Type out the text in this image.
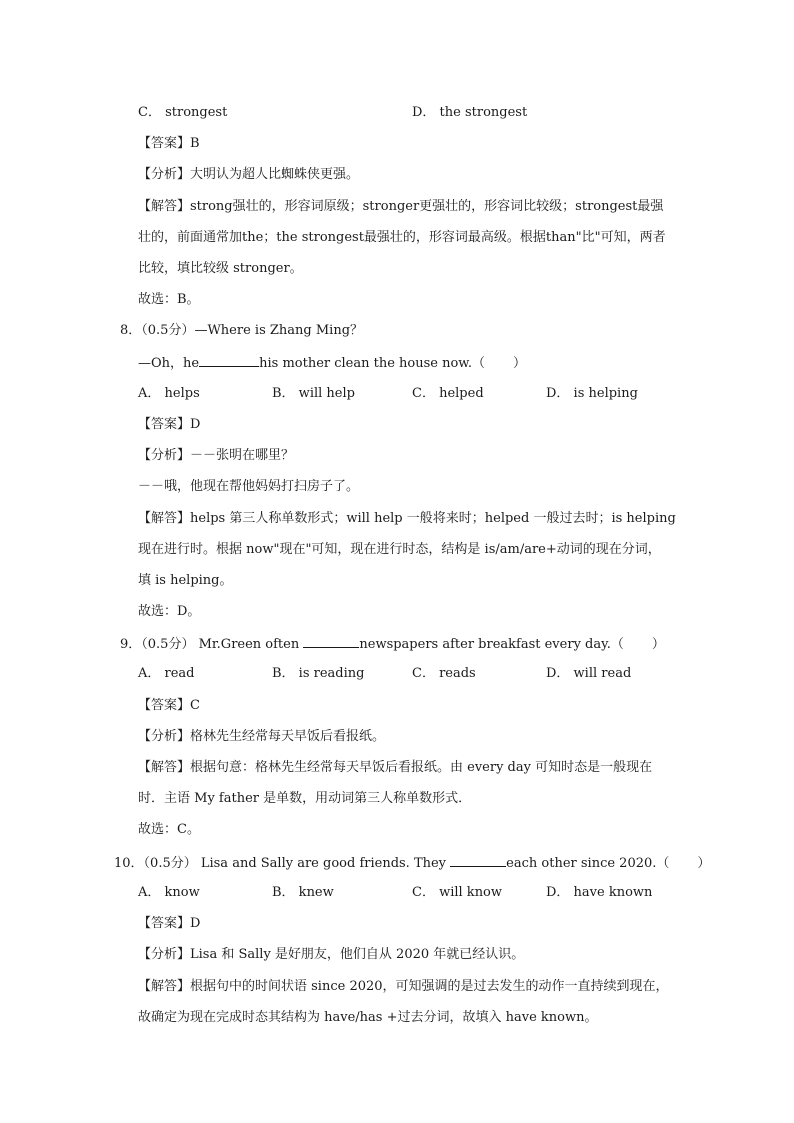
C． strongest	D． the strongest
【答案】B
【分析】大明认为超人比蜘蛛侠更强。
【解答】strong强壮的，形容词原级；stronger更强壮的，形容词比较级；strongest最强
壮的，前面通常加the；the strongest最强壮的，形容词最高级。根据than"比"可知，两者
比较，填比较级 stronger。
故选：B。
8．（0.5分）—Where is Zhang Ming？
—Oh，he	his mother clean the house now.（ ）
A． helps	B． will help	C． helped	D． is helping
【答案】D
【分析】－－张明在哪里？
－－哦，他现在帮他妈妈打扫房子了。
【解答】helps 第三人称单数形式；will help 一般将来时；helped 一般过去时；is helping
现在进行时。根据 now"现在"可知，现在进行时态，结构是 is/am/are+动词的现在分词，
填 is helping。
故选：D。
9．（0.5分） Mr.Green often	newspapers after breakfast every day.（ ）
A． read	B． is reading	C． reads	D． will read
【答案】C
【分析】格林先生经常每天早饭后看报纸。
【解答】根据句意：格林先生经常每天早饭后看报纸。由 every day 可知时态是一般现在
时．主语 My father 是单数，用动词第三人称单数形式．
故选：C。
10．（0.5分） Lisa and Sally are good friends. They	each other since 2020.（ ）
A． know	B． knew	C． will know	D． have known
【答案】D
【分析】Lisa 和 Sally 是好朋友，他们自从 2020 年就已经认识。
【解答】根据句中的时间状语 since 2020，可知强调的是过去发生的动作一直持续到现在，
故确定为现在完成时态其结构为 have/has +过去分词，故填入 have known。
